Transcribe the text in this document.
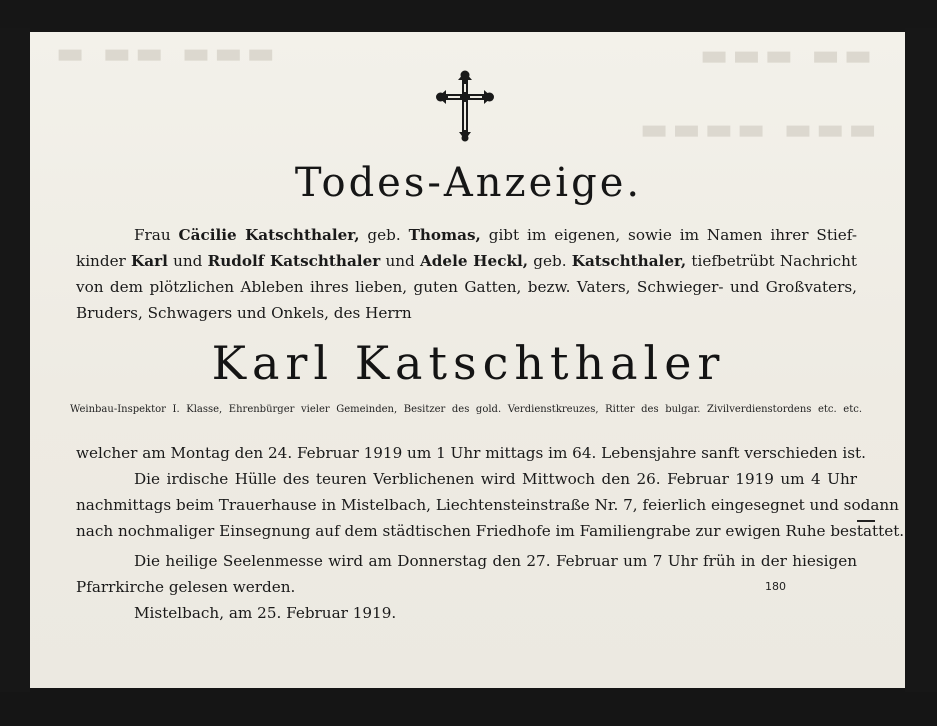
▬ ▬▬ ▬▬▬	▬▬▬ ▬▬
▬▬▬▬ ▬▬▬
Todes-Anzeige.
Frau Cäcilie Katschthaler, geb. Thomas, gibt im eigenen, sowie im Namen ihrer Stief-
kinder Karl und Rudolf Katschthaler und Adele Heckl, geb. Katschthaler, tiefbetrübt Nachricht
von dem plötzlichen Ableben ihres lieben, guten Gatten, bezw. Vaters, Schwieger- und Großvaters,
Bruders, Schwagers und Onkels, des Herrn
Karl Katschthaler
Weinbau-Inspektor I. Klasse, Ehrenbürger vieler Gemeinden, Besitzer des gold. Verdienstkreuzes, Ritter des bulgar. Zivilverdienstordens etc. etc.
welcher am Montag den 24. Februar 1919 um 1 Uhr mittags im 64. Lebensjahre sanft verschieden ist.
Die irdische Hülle des teuren Verblichenen wird Mittwoch den 26. Februar 1919 um 4 Uhr
nachmittags beim Trauerhause in Mistelbach, Liechtensteinstraße Nr. 7, feierlich eingesegnet und sodann
nach nochmaliger Einsegnung auf dem städtischen Friedhofe im Familiengrabe zur ewigen Ruhe bestattet.
Die heilige Seelenmesse wird am Donnerstag den 27. Februar um 7 Uhr früh in der hiesigen
Pfarrkirche gelesen werden.	180
Mistelbach, am 25. Februar 1919.
